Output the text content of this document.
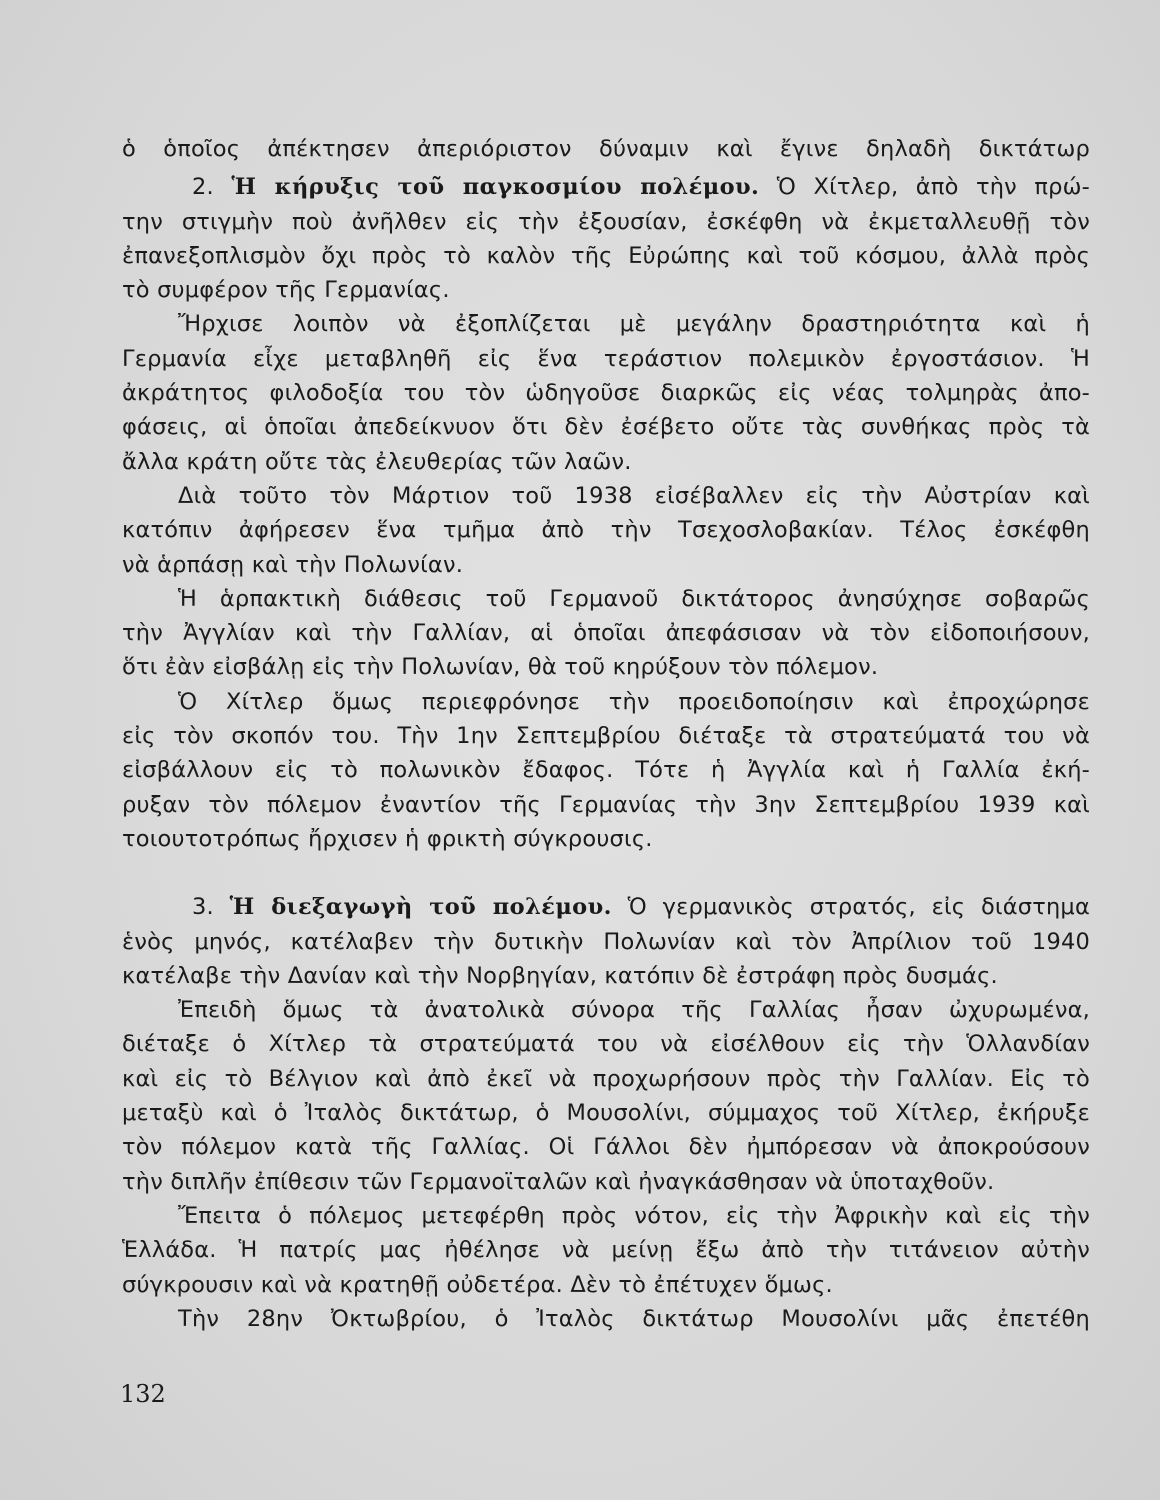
ὁ ὁποῖος ἀπέκτησεν ἀπεριόριστον δύναμιν καὶ ἔγινε δηλαδὴ δικτάτωρ
2. Ἡ κήρυξις τοῦ παγκοσμίου πολέμου. Ὁ Χίτλερ, ἀπὸ τὴν πρώ-
την στιγμὴν ποὺ ἀνῆλθεν εἰς τὴν ἐξουσίαν, ἐσκέφθη νὰ ἐκμεταλλευθῇ τὸν
ἐπανεξοπλισμὸν ὄχι πρὸς τὸ καλὸν τῆς Εὐρώπης καὶ τοῦ κόσμου, ἀλλὰ πρὸς
τὸ συμφέρον τῆς Γερμανίας.
Ἤρχισε λοιπὸν νὰ ἐξοπλίζεται μὲ μεγάλην δραστηριότητα καὶ ἡ
Γερμανία εἶχε μεταβληθῆ εἰς ἕνα τεράστιον πολεμικὸν ἐργοστάσιον. Ἡ
ἀκράτητος φιλοδοξία του τὸν ὡδηγοῦσε διαρκῶς εἰς νέας τολμηρὰς ἀπο-
φάσεις, αἱ ὁποῖαι ἀπεδείκνυον ὅτι δὲν ἐσέβετο οὔτε τὰς συνθήκας πρὸς τὰ
ἄλλα κράτη οὔτε τὰς ἐλευθερίας τῶν λαῶν.
Διὰ τοῦτο τὸν Μάρτιον τοῦ 1938 εἰσέβαλλεν εἰς τὴν Αὐστρίαν καὶ
κατόπιν ἀφήρεσεν ἕνα τμῆμα ἀπὸ τὴν Τσεχοσλοβακίαν. Τέλος ἐσκέφθη
νὰ ἁρπάσῃ καὶ τὴν Πολωνίαν.
Ἡ ἁρπακτικὴ διάθεσις τοῦ Γερμανοῦ δικτάτορος ἀνησύχησε σοβαρῶς
τὴν Ἀγγλίαν καὶ τὴν Γαλλίαν, αἱ ὁποῖαι ἀπεφάσισαν νὰ τὸν εἰδοποιήσουν,
ὅτι ἐὰν εἰσβάλῃ εἰς τὴν Πολωνίαν, θὰ τοῦ κηρύξουν τὸν πόλεμον.
Ὁ Χίτλερ ὅμως περιεφρόνησε τὴν προειδοποίησιν καὶ ἐπροχώρησε
εἰς τὸν σκοπόν του. Τὴν 1ην Σεπτεμβρίου διέταξε τὰ στρατεύματά του νὰ
εἰσβάλλουν εἰς τὸ πολωνικὸν ἔδαφος. Τότε ἡ Ἀγγλία καὶ ἡ Γαλλία ἐκή-
ρυξαν τὸν πόλεμον ἐναντίον τῆς Γερμανίας τὴν 3ην Σεπτεμβρίου 1939 καὶ
τοιουτοτρόπως ἤρχισεν ἡ φρικτὴ σύγκρουσις.
3. Ἡ διεξαγωγὴ τοῦ πολέμου. Ὁ γερμανικὸς στρατός, εἰς διάστημα
ἑνὸς μηνός, κατέλαβεν τὴν δυτικὴν Πολωνίαν καὶ τὸν Ἀπρίλιον τοῦ 1940
κατέλαβε τὴν Δανίαν καὶ τὴν Νορβηγίαν, κατόπιν δὲ ἐστράφη πρὸς δυσμάς.
Ἐπειδὴ ὅμως τὰ ἀνατολικὰ σύνορα τῆς Γαλλίας ἦσαν ὠχυρωμένα,
διέταξε ὁ Χίτλερ τὰ στρατεύματά του νὰ εἰσέλθουν εἰς τὴν Ὁλλανδίαν
καὶ εἰς τὸ Βέλγιον καὶ ἀπὸ ἐκεῖ νὰ προχωρήσουν πρὸς τὴν Γαλλίαν. Εἰς τὸ
μεταξὺ καὶ ὁ Ἰταλὸς δικτάτωρ, ὁ Μουσολίνι, σύμμαχος τοῦ Χίτλερ, ἐκήρυξε
τὸν πόλεμον κατὰ τῆς Γαλλίας. Οἱ Γάλλοι δὲν ἠμπόρεσαν νὰ ἀποκρούσουν
τὴν διπλῆν ἐπίθεσιν τῶν Γερμανοϊταλῶν καὶ ἠναγκάσθησαν νὰ ὑποταχθοῦν.
Ἔπειτα ὁ πόλεμος μετεφέρθη πρὸς νότον, εἰς τὴν Ἀφρικὴν καὶ εἰς τὴν
Ἑλλάδα. Ἡ πατρίς μας ἠθέλησε νὰ μείνῃ ἔξω ἀπὸ τὴν τιτάνειον αὐτὴν
σύγκρουσιν καὶ νὰ κρατηθῇ οὐδετέρα. Δὲν τὸ ἐπέτυχεν ὅμως.
Τὴν 28ην Ὀκτωβρίου, ὁ Ἰταλὸς δικτάτωρ Μουσολίνι μᾶς ἐπετέθη
132
